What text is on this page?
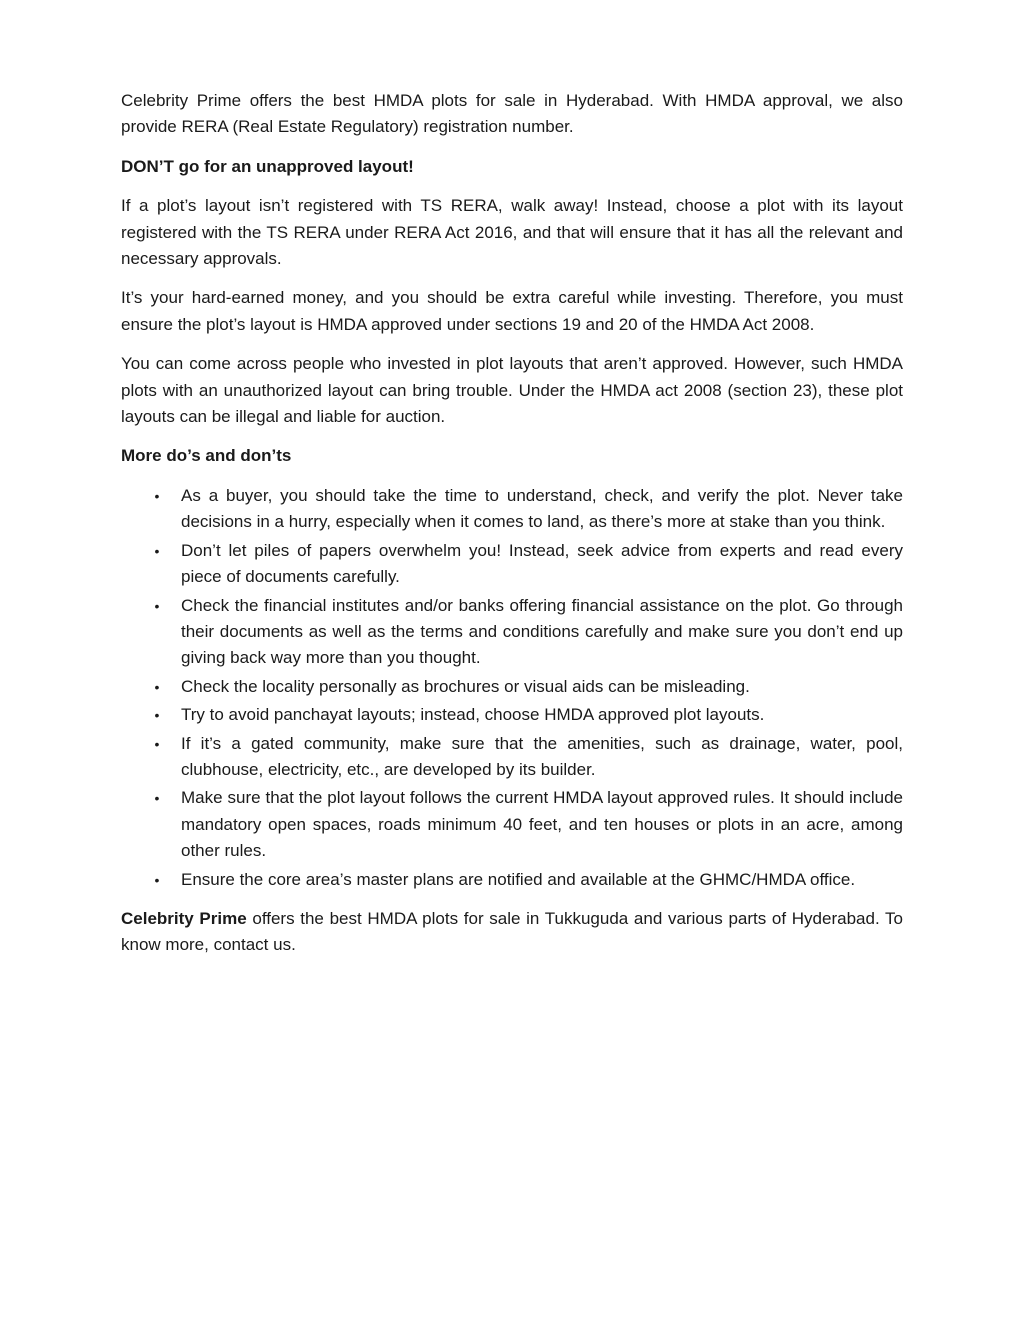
Celebrity Prime offers the best HMDA plots for sale in Hyderabad. With HMDA approval, we also provide RERA (Real Estate Regulatory) registration number.

DON’T go for an unapproved layout!

If a plot’s layout isn’t registered with TS RERA, walk away! Instead, choose a plot with its layout registered with the TS RERA under RERA Act 2016, and that will ensure that it has all the relevant and necessary approvals.

It’s your hard-earned money, and you should be extra careful while investing. Therefore, you must ensure the plot’s layout is HMDA approved under sections 19 and 20 of the HMDA Act 2008.

You can come across people who invested in plot layouts that aren’t approved. However, such HMDA plots with an unauthorized layout can bring trouble. Under the HMDA act 2008 (section 23), these plot layouts can be illegal and liable for auction.

More do’s and don’ts

• As a buyer, you should take the time to understand, check, and verify the plot. Never take decisions in a hurry, especially when it comes to land, as there’s more at stake than you think.
• Don’t let piles of papers overwhelm you! Instead, seek advice from experts and read every piece of documents carefully.
• Check the financial institutes and/or banks offering financial assistance on the plot. Go through their documents as well as the terms and conditions carefully and make sure you don’t end up giving back way more than you thought.
• Check the locality personally as brochures or visual aids can be misleading.
• Try to avoid panchayat layouts; instead, choose HMDA approved plot layouts.
• If it’s a gated community, make sure that the amenities, such as drainage, water, pool, clubhouse, electricity, etc., are developed by its builder.
• Make sure that the plot layout follows the current HMDA layout approved rules. It should include mandatory open spaces, roads minimum 40 feet, and ten houses or plots in an acre, among other rules.
• Ensure the core area’s master plans are notified and available at the GHMC/HMDA office.

Celebrity Prime offers the best HMDA plots for sale in Tukkuguda and various parts of Hyderabad. To know more, contact us.
